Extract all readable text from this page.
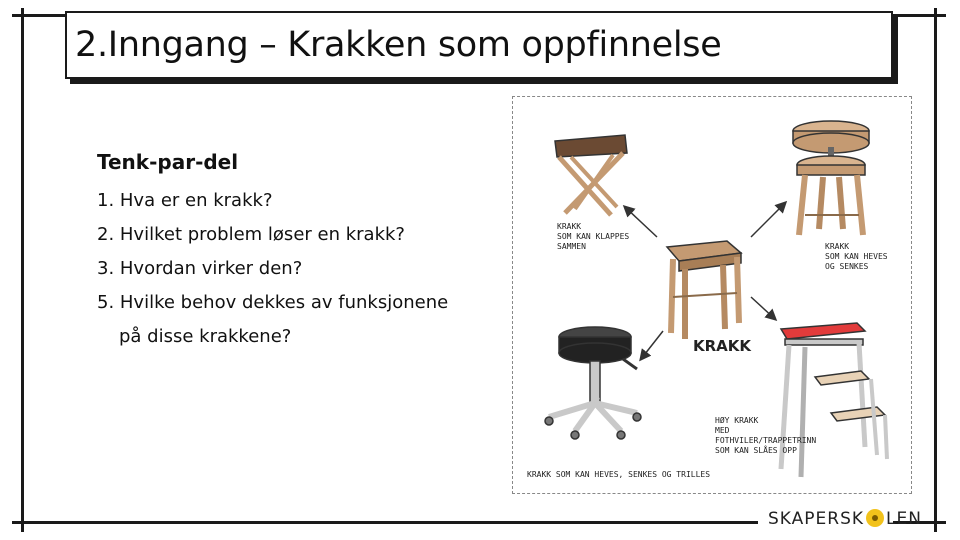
2.Inngang – Krakken som oppfinnelse
Tenk-par-del
1. Hva er en krakk?
2. Hvilket problem løser en krakk?
3. Hvordan virker den?
5. Hvilke behov dekkes av funksjonene
på disse krakkene?
KRAKK
SOM KAN KLAPPES
SAMMEN	KRAKK
SOM KAN HEVES
OG SENKES
KRAKK
KRAKK SOM KAN HEVES, SENKES OG TRILLES
HØY KRAKK
MED
FOTHVILER/TRAPPETRINN
SOM KAN SLÅES OPP
SKAPERSK LEN
